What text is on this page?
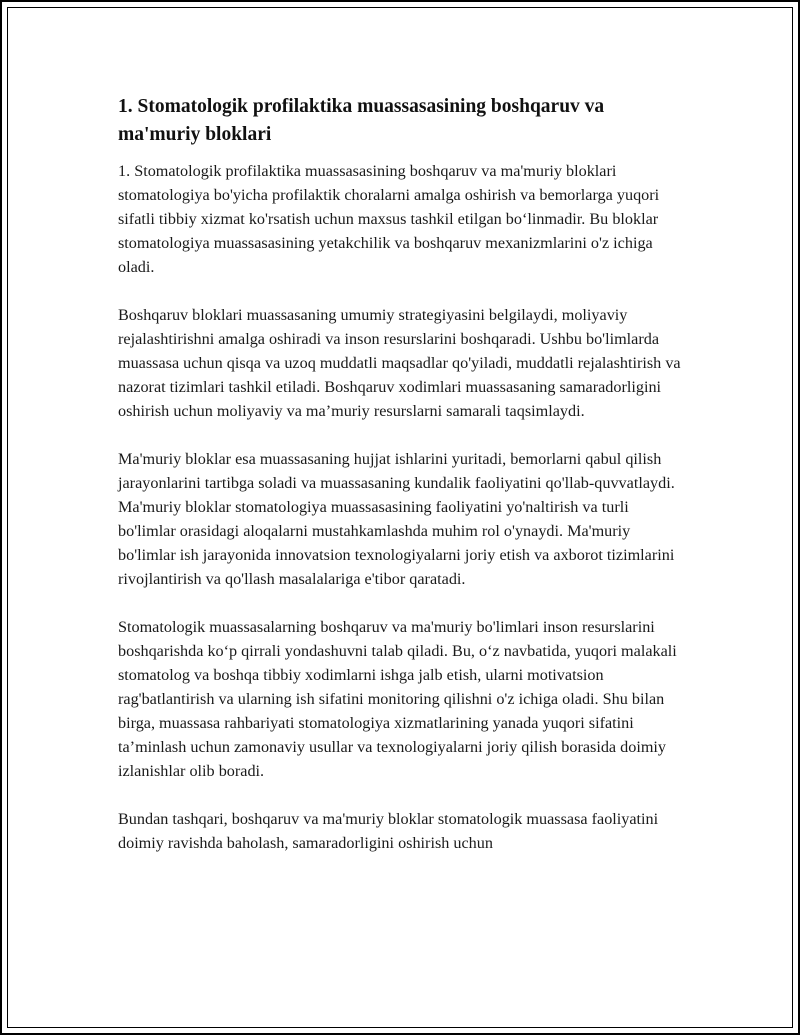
1. Stomatologik profilaktika muassasasining boshqaruv va ma'muriy bloklari

1. Stomatologik profilaktika muassasasining boshqaruv va ma'muriy bloklari stomatologiya bo'yicha profilaktik choralarni amalga oshirish va bemorlarga yuqori sifatli tibbiy xizmat ko'rsatish uchun maxsus tashkil etilgan bo‘linmadir. Bu bloklar stomatologiya muassasasining yetakchilik va boshqaruv mexanizmlarini o'z ichiga oladi.

Boshqaruv bloklari muassasaning umumiy strategiyasini belgilaydi, moliyaviy rejalashtirishni amalga oshiradi va inson resurslarini boshqaradi. Ushbu bo'limlarda muassasa uchun qisqa va uzoq muddatli maqsadlar qo'yiladi, muddatli rejalashtirish va nazorat tizimlari tashkil etiladi. Boshqaruv xodimlari muassasaning samaradorligini oshirish uchun moliyaviy va ma’muriy resurslarni samarali taqsimlaydi.

Ma'muriy bloklar esa muassasaning hujjat ishlarini yuritadi, bemorlarni qabul qilish jarayonlarini tartibga soladi va muassasaning kundalik faoliyatini qo'llab-quvvatlaydi. Ma'muriy bloklar stomatologiya muassasasining faoliyatini yo'naltirish va turli bo'limlar orasidagi aloqalarni mustahkamlashda muhim rol o'ynaydi. Ma'muriy bo'limlar ish jarayonida innovatsion texnologiyalarni joriy etish va axborot tizimlarini rivojlantirish va qo'llash masalalariga e'tibor qaratadi.

Stomatologik muassasalarning boshqaruv va ma'muriy bo'limlari inson resurslarini boshqarishda ko‘p qirrali yondashuvni talab qiladi. Bu, o‘z navbatida, yuqori malakali stomatolog va boshqa tibbiy xodimlarni ishga jalb etish, ularni motivatsion rag'batlantirish va ularning ish sifatini monitoring qilishni o'z ichiga oladi. Shu bilan birga, muassasa rahbariyati stomatologiya xizmatlarining yanada yuqori sifatini ta’minlash uchun zamonaviy usullar va texnologiyalarni joriy qilish borasida doimiy izlanishlar olib boradi.

Bundan tashqari, boshqaruv va ma'muriy bloklar stomatologik muassasa faoliyatini doimiy ravishda baholash, samaradorligini oshirish uchun
